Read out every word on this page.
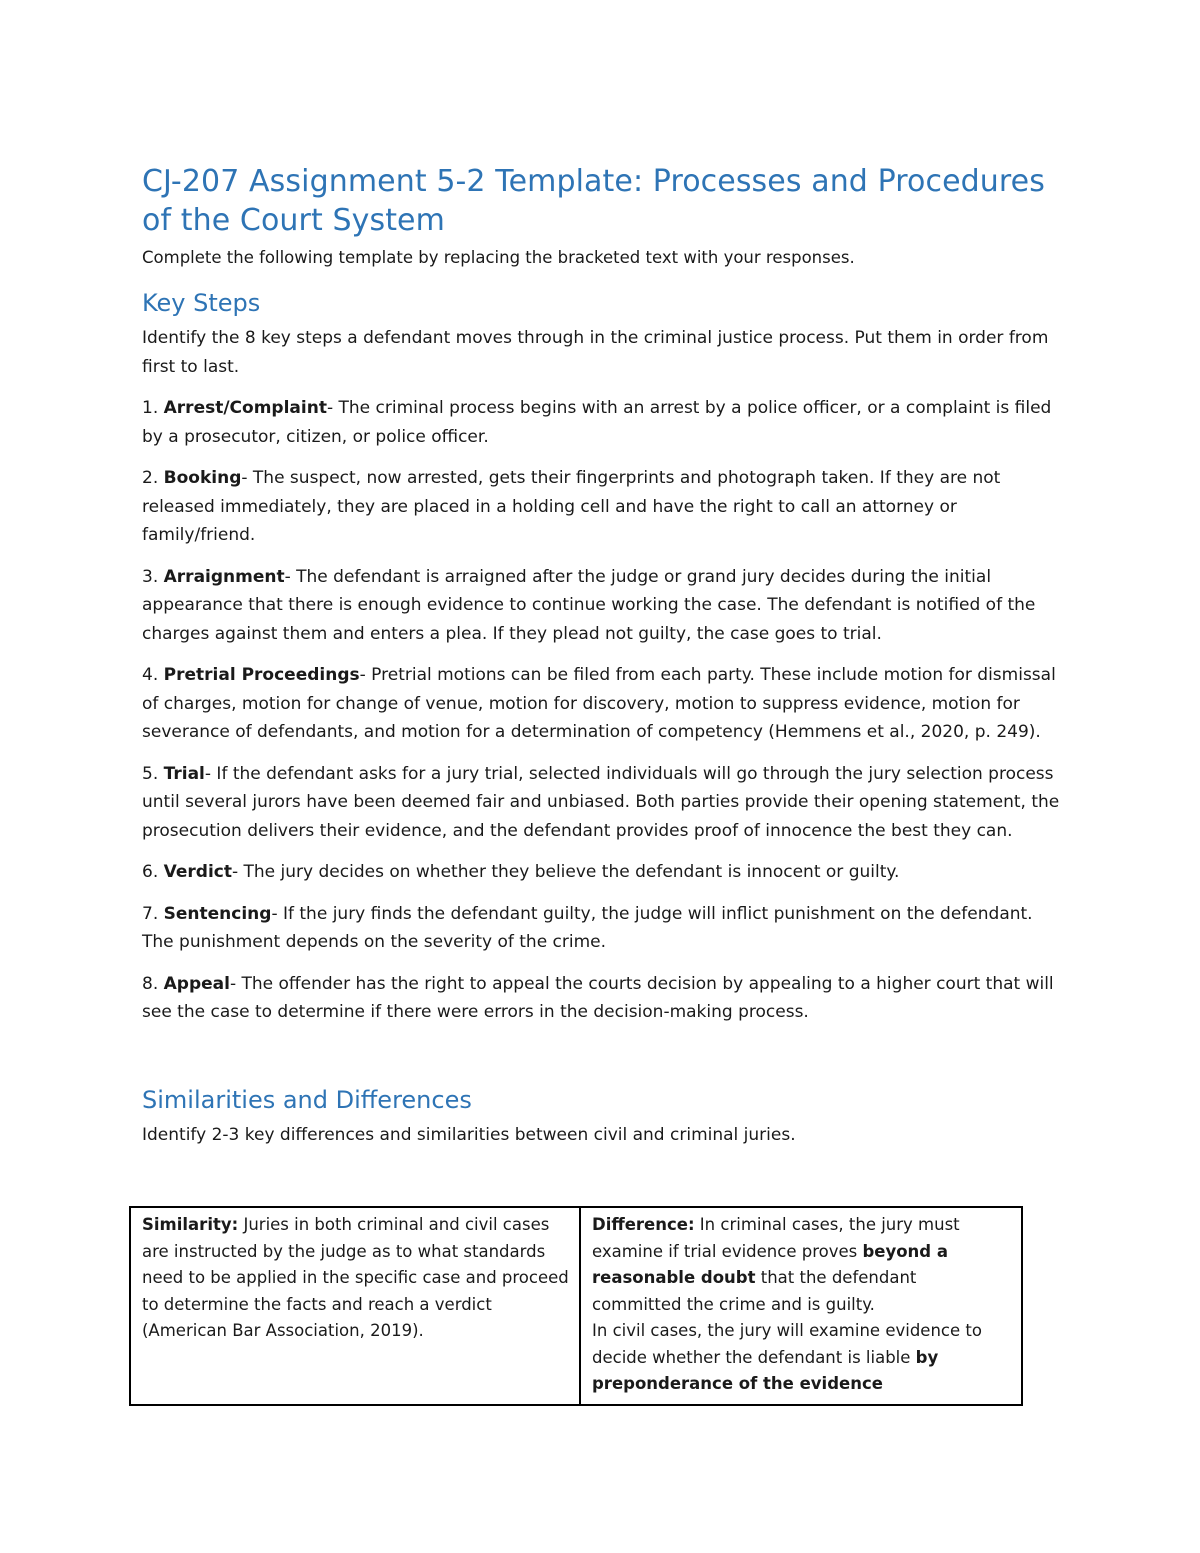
CJ-207 Assignment 5-2 Template: Processes and Procedures of the Court System

Complete the following template by replacing the bracketed text with your responses.

Key Steps

Identify the 8 key steps a defendant moves through in the criminal justice process. Put them in order from first to last.

1. Arrest/Complaint- The criminal process begins with an arrest by a police officer, or a complaint is filed by a prosecutor, citizen, or police officer.

2. Booking- The suspect, now arrested, gets their fingerprints and photograph taken. If they are not released immediately, they are placed in a holding cell and have the right to call an attorney or family/friend.

3. Arraignment- The defendant is arraigned after the judge or grand jury decides during the initial appearance that there is enough evidence to continue working the case. The defendant is notified of the charges against them and enters a plea. If they plead not guilty, the case goes to trial.

4. Pretrial Proceedings- Pretrial motions can be filed from each party. These include motion for dismissal of charges, motion for change of venue, motion for discovery, motion to suppress evidence, motion for severance of defendants, and motion for a determination of competency (Hemmens et al., 2020, p. 249).

5. Trial- If the defendant asks for a jury trial, selected individuals will go through the jury selection process until several jurors have been deemed fair and unbiased. Both parties provide their opening statement, the prosecution delivers their evidence, and the defendant provides proof of innocence the best they can.

6. Verdict- The jury decides on whether they believe the defendant is innocent or guilty.

7. Sentencing- If the jury finds the defendant guilty, the judge will inflict punishment on the defendant. The punishment depends on the severity of the crime.

8. Appeal- The offender has the right to appeal the courts decision by appealing to a higher court that will see the case to determine if there were errors in the decision-making process.

Similarities and Differences

Identify 2-3 key differences and similarities between civil and criminal juries.

Similarity: Juries in both criminal and civil cases are instructed by the judge as to what standards need to be applied in the specific case and proceed to determine the facts and reach a verdict (American Bar Association, 2019).	Difference: In criminal cases, the jury must examine if trial evidence proves beyond a reasonable doubt that the defendant committed the crime and is guilty.
In civil cases, the jury will examine evidence to decide whether the defendant is liable by preponderance of the evidence
